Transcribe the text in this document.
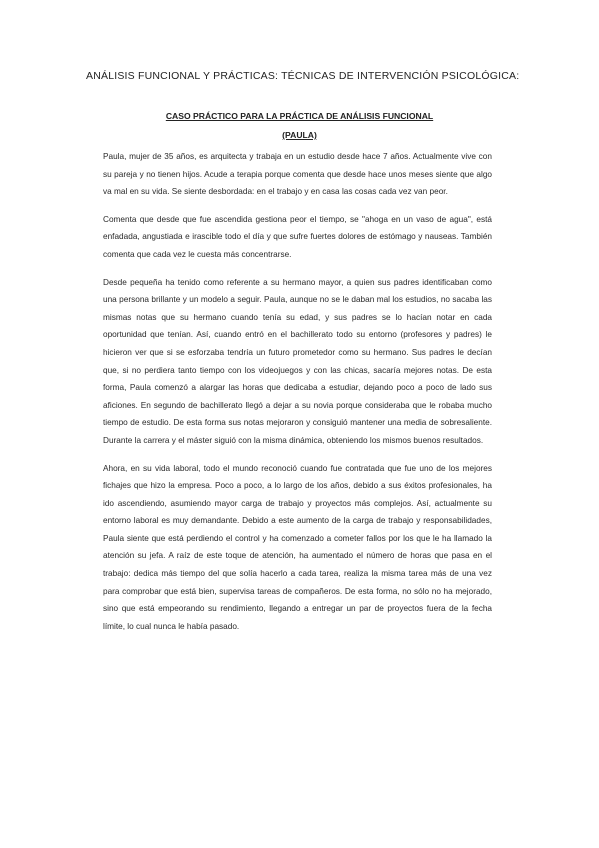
ANÁLISIS FUNCIONAL Y PRÁCTICAS: TÉCNICAS DE INTERVENCIÓN PSICOLÓGICA:
CASO PRÁCTICO PARA LA PRÁCTICA DE ANÁLISIS FUNCIONAL
(PAULA)

Paula, mujer de 35 años, es arquitecta y trabaja en un estudio desde hace 7 años. Actualmente vive con su pareja y no tienen hijos. Acude a terapia porque comenta que desde hace unos meses siente que algo va mal en su vida. Se siente desbordada: en el trabajo y en casa las cosas cada vez van peor.

Comenta que desde que fue ascendida gestiona peor el tiempo, se "ahoga en un vaso de agua", está enfadada, angustiada e irascible todo el día y que sufre fuertes dolores de estómago y nauseas. También comenta que cada vez le cuesta más concentrarse.

Desde pequeña ha tenido como referente a su hermano mayor, a quien sus padres identificaban como una persona brillante y un modelo a seguir. Paula, aunque no se le daban mal los estudios, no sacaba las mismas notas que su hermano cuando tenía su edad, y sus padres se lo hacían notar en cada oportunidad que tenían. Así, cuando entró en el bachillerato todo su entorno (profesores y padres) le hicieron ver que si se esforzaba tendría un futuro prometedor como su hermano. Sus padres le decían que, si no perdiera tanto tiempo con los videojuegos y con las chicas, sacaría mejores notas. De esta forma, Paula comenzó a alargar las horas que dedicaba a estudiar, dejando poco a poco de lado sus aficiones. En segundo de bachillerato llegó a dejar a su novia porque consideraba que le robaba mucho tiempo de estudio. De esta forma sus notas mejoraron y consiguió mantener una media de sobresaliente. Durante la carrera y el máster siguió con la misma dinámica, obteniendo los mismos buenos resultados.

Ahora, en su vida laboral, todo el mundo reconoció cuando fue contratada que fue uno de los mejores fichajes que hizo la empresa. Poco a poco, a lo largo de los años, debido a sus éxitos profesionales, ha ido ascendiendo, asumiendo mayor carga de trabajo y proyectos más complejos. Así, actualmente su entorno laboral es muy demandante. Debido a este aumento de la carga de trabajo y responsabilidades, Paula siente que está perdiendo el control y ha comenzado a cometer fallos por los que le ha llamado la atención su jefa. A raíz de este toque de atención, ha aumentado el número de horas que pasa en el trabajo: dedica más tiempo del que solía hacerlo a cada tarea, realiza la misma tarea más de una vez para comprobar que está bien, supervisa tareas de compañeros. De esta forma, no sólo no ha mejorado, sino que está empeorando su rendimiento, llegando a entregar un par de proyectos fuera de la fecha límite, lo cual nunca le había pasado.
